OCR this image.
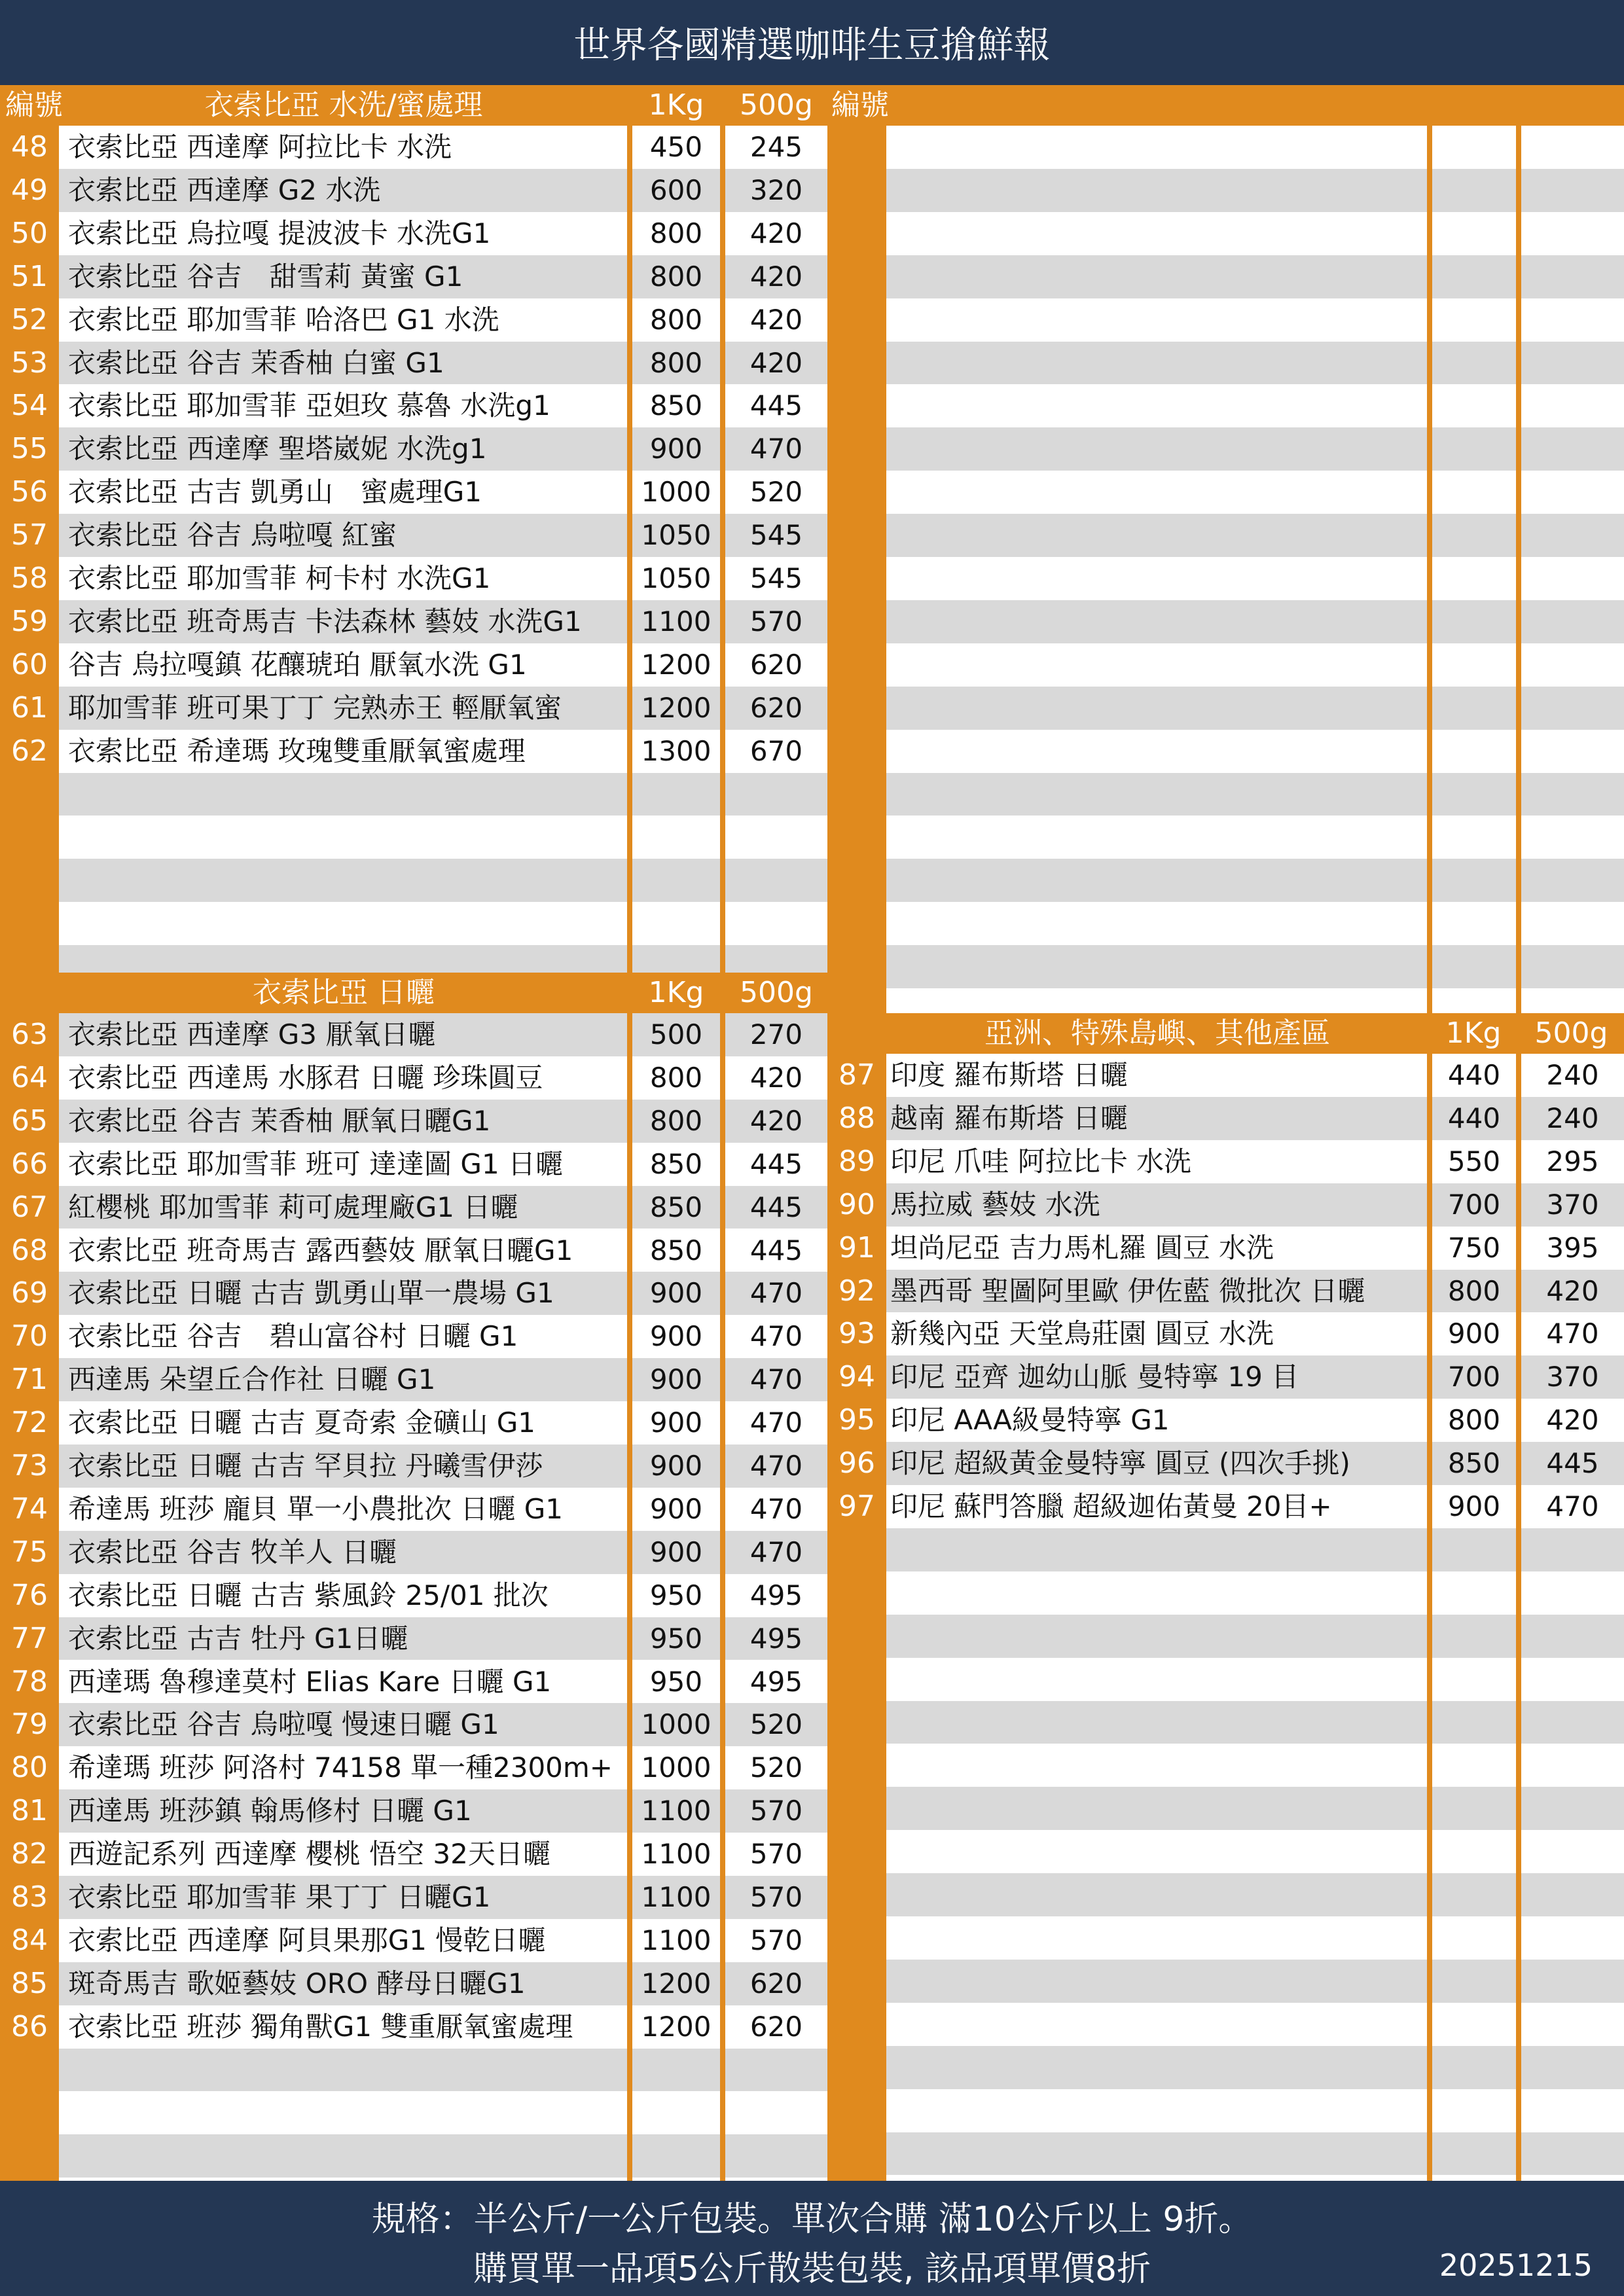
世界各國精選咖啡生豆搶鮮報
編號	衣索比亞 水洗/蜜處理	1Kg	500g 編號
衣索比亞 日曬	1Kg	500g
48 衣索比亞 西達摩 阿拉比卡 水洗	450	245
49 衣索比亞 西達摩 G2 水洗	600	320
50 衣索比亞 烏拉嘎 提波波卡 水洗G1	800	420
51 衣索比亞 谷吉　甜雪莉 黃蜜 G1	800	420
52 衣索比亞 耶加雪菲 哈洛巴 G1 水洗	800	420
53 衣索比亞 谷吉 茉香柚 白蜜 G1	800	420
54 衣索比亞 耶加雪菲 亞妲玫 慕魯 水洗g1	850	445
55 衣索比亞 西達摩 聖塔崴妮 水洗g1	900	470
56 衣索比亞 古吉 凱勇山　蜜處理G1	1000	520
57 衣索比亞 谷吉 烏啦嘎 紅蜜	1050	545
58 衣索比亞 耶加雪菲 柯卡村 水洗G1	1050	545
59 衣索比亞 班奇馬吉 卡法森林 藝妓 水洗G1	1100	570
60 谷吉 烏拉嘎鎮 花釀琥珀 厭氧水洗 G1	1200	620
61 耶加雪菲 班可果丁丁 完熟赤王 輕厭氧蜜	1200	620
62 衣索比亞 希達瑪 玫瑰雙重厭氧蜜處理	1300	670
63 衣索比亞 西達摩 G3 厭氧日曬	500	270
64 衣索比亞 西達馬 水豚君 日曬 珍珠圓豆	800	420
65 衣索比亞 谷吉 茉香柚 厭氧日曬G1	800	420
66 衣索比亞 耶加雪菲 班可 達達圖 G1 日曬	850	445
67 紅櫻桃 耶加雪菲 莉可處理廠G1 日曬	850	445
68 衣索比亞 班奇馬吉 露西藝妓 厭氧日曬G1	850	445
69 衣索比亞 日曬 古吉 凱勇山單一農場 G1	900	470
70 衣索比亞 谷吉　碧山富谷村 日曬 G1	900	470
71 西達馬 朵望丘合作社 日曬 G1	900	470
72 衣索比亞 日曬 古吉 夏奇索 金礦山 G1	900	470
73 衣索比亞 日曬 古吉 罕貝拉 丹曦雪伊莎	900	470
74 希達馬 班莎 龐貝 單一小農批次 日曬 G1	900	470
75 衣索比亞 谷吉 牧羊人 日曬	900	470
76 衣索比亞 日曬 古吉 紫風鈴 25/01 批次	950	495
77 衣索比亞 古吉 牡丹 G1日曬	950	495
78 西達瑪 魯穆達莫村 Elias Kare 日曬 G1	950	495
79 衣索比亞 谷吉 烏啦嘎 慢速日曬 G1	1000	520
80 希達瑪 班莎 阿洛村 74158 單一種2300m+	1000	520
81 西達馬 班莎鎮 翰馬修村 日曬 G1	1100	570
82 西遊記系列 西達摩 櫻桃 悟空 32天日曬	1100	570
83 衣索比亞 耶加雪菲 果丁丁 日曬G1	1100	570
84 衣索比亞 西達摩 阿貝果那G1 慢乾日曬	1100	570
85 斑奇馬吉 歌姬藝妓 ORO 酵母日曬G1	1200	620
86 衣索比亞 班莎 獨角獸G1 雙重厭氧蜜處理	1200	620
亞洲、特殊島嶼、其他產區	1Kg	500g
87 印度 羅布斯塔 日曬	440	240
88 越南 羅布斯塔 日曬	440	240
89 印尼 爪哇 阿拉比卡 水洗	550	295
90 馬拉威 藝妓 水洗	700	370
91 坦尚尼亞 吉力馬札羅 圓豆 水洗	750	395
92 墨西哥 聖圖阿里歐 伊佐藍 微批次 日曬	800	420
93 新幾內亞 天堂鳥莊園 圓豆 水洗	900	470
94 印尼 亞齊 迦幼山脈 曼特寧 19 目	700	370
95 印尼 AAA級曼特寧 G1	800	420
96 印尼 超級黃金曼特寧 圓豆 (四次手挑)	850	445
97 印尼 蘇門答臘 超級迦佑黃曼 20目+	900	470
規格：半公斤/一公斤包裝。單次合購 滿10公斤以上 9折。
購買單一品項5公斤散裝包裝, 該品項單價8折	20251215
